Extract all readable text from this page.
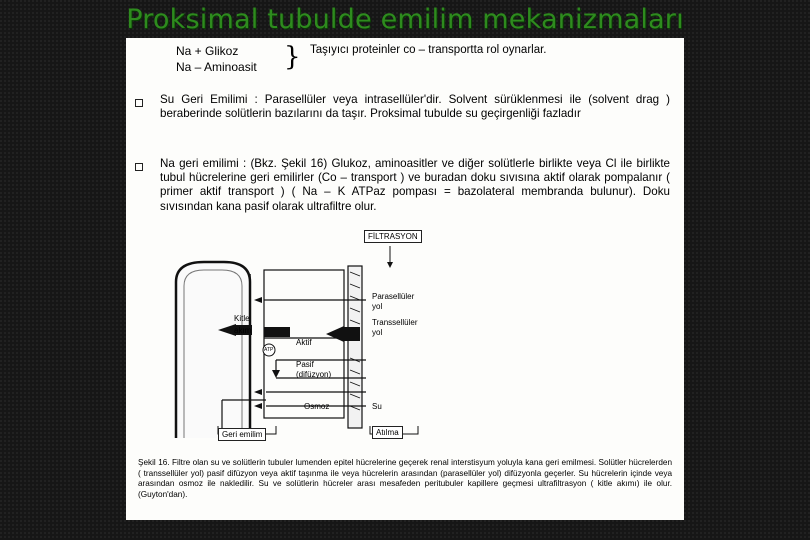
Proksimal tubulde emilim mekanizmaları
Na + Glikoz
Na – Aminoasit } Taşıyıcı proteinler co – transportta rol oynarlar.
Su Geri Emilimi : Parasellüler veya intrasellüler'dir. Solvent sürüklenmesi ile (solvent drag ) beraberinde solütlerin bazılarını da taşır. Proksimal tubulde su geçirgenliği fazladır
Na geri emilimi : (Bkz. Şekil 16) Glukoz, aminoasitler ve diğer solütlerle birlikte veya Cl ile birlikte tubul hücrelerine geri emilirler (Co – transport ) ve buradan doku sıvısına aktif olarak pompalanır ( primer aktif transport ) ( Na – K ATPaz pompası = bazolateral membranda bulunur). Doku sıvısından kana pasif olarak ultrafiltre olur.
FİLTRASYON
Kitle
akım
Parasellüler
yol
Transsellüler
yol
Aktif
ATP
Pasif
(difüzyon)
Osmoz	Su
Geri emilim	Atılma
Şekil 16. Filtre olan su ve solütlerin tubuler lumenden epitel hücrelerine geçerek renal interstisyum yoluyla kana geri emilmesi. Solütler hücrelerden ( transsellüler yol) pasif difüzyon veya aktif taşınma ile veya hücrelerin arasından (parasellüler yol) difüzyonla geçerler. Su hücrelerin içinde veya arasından osmoz ile nakledilir. Su ve solütlerin hücreler arası mesafeden peritubuler kapillere geçmesi ultrafiltrasyon ( kitle akımı) ile olur.(Guyton'dan).
